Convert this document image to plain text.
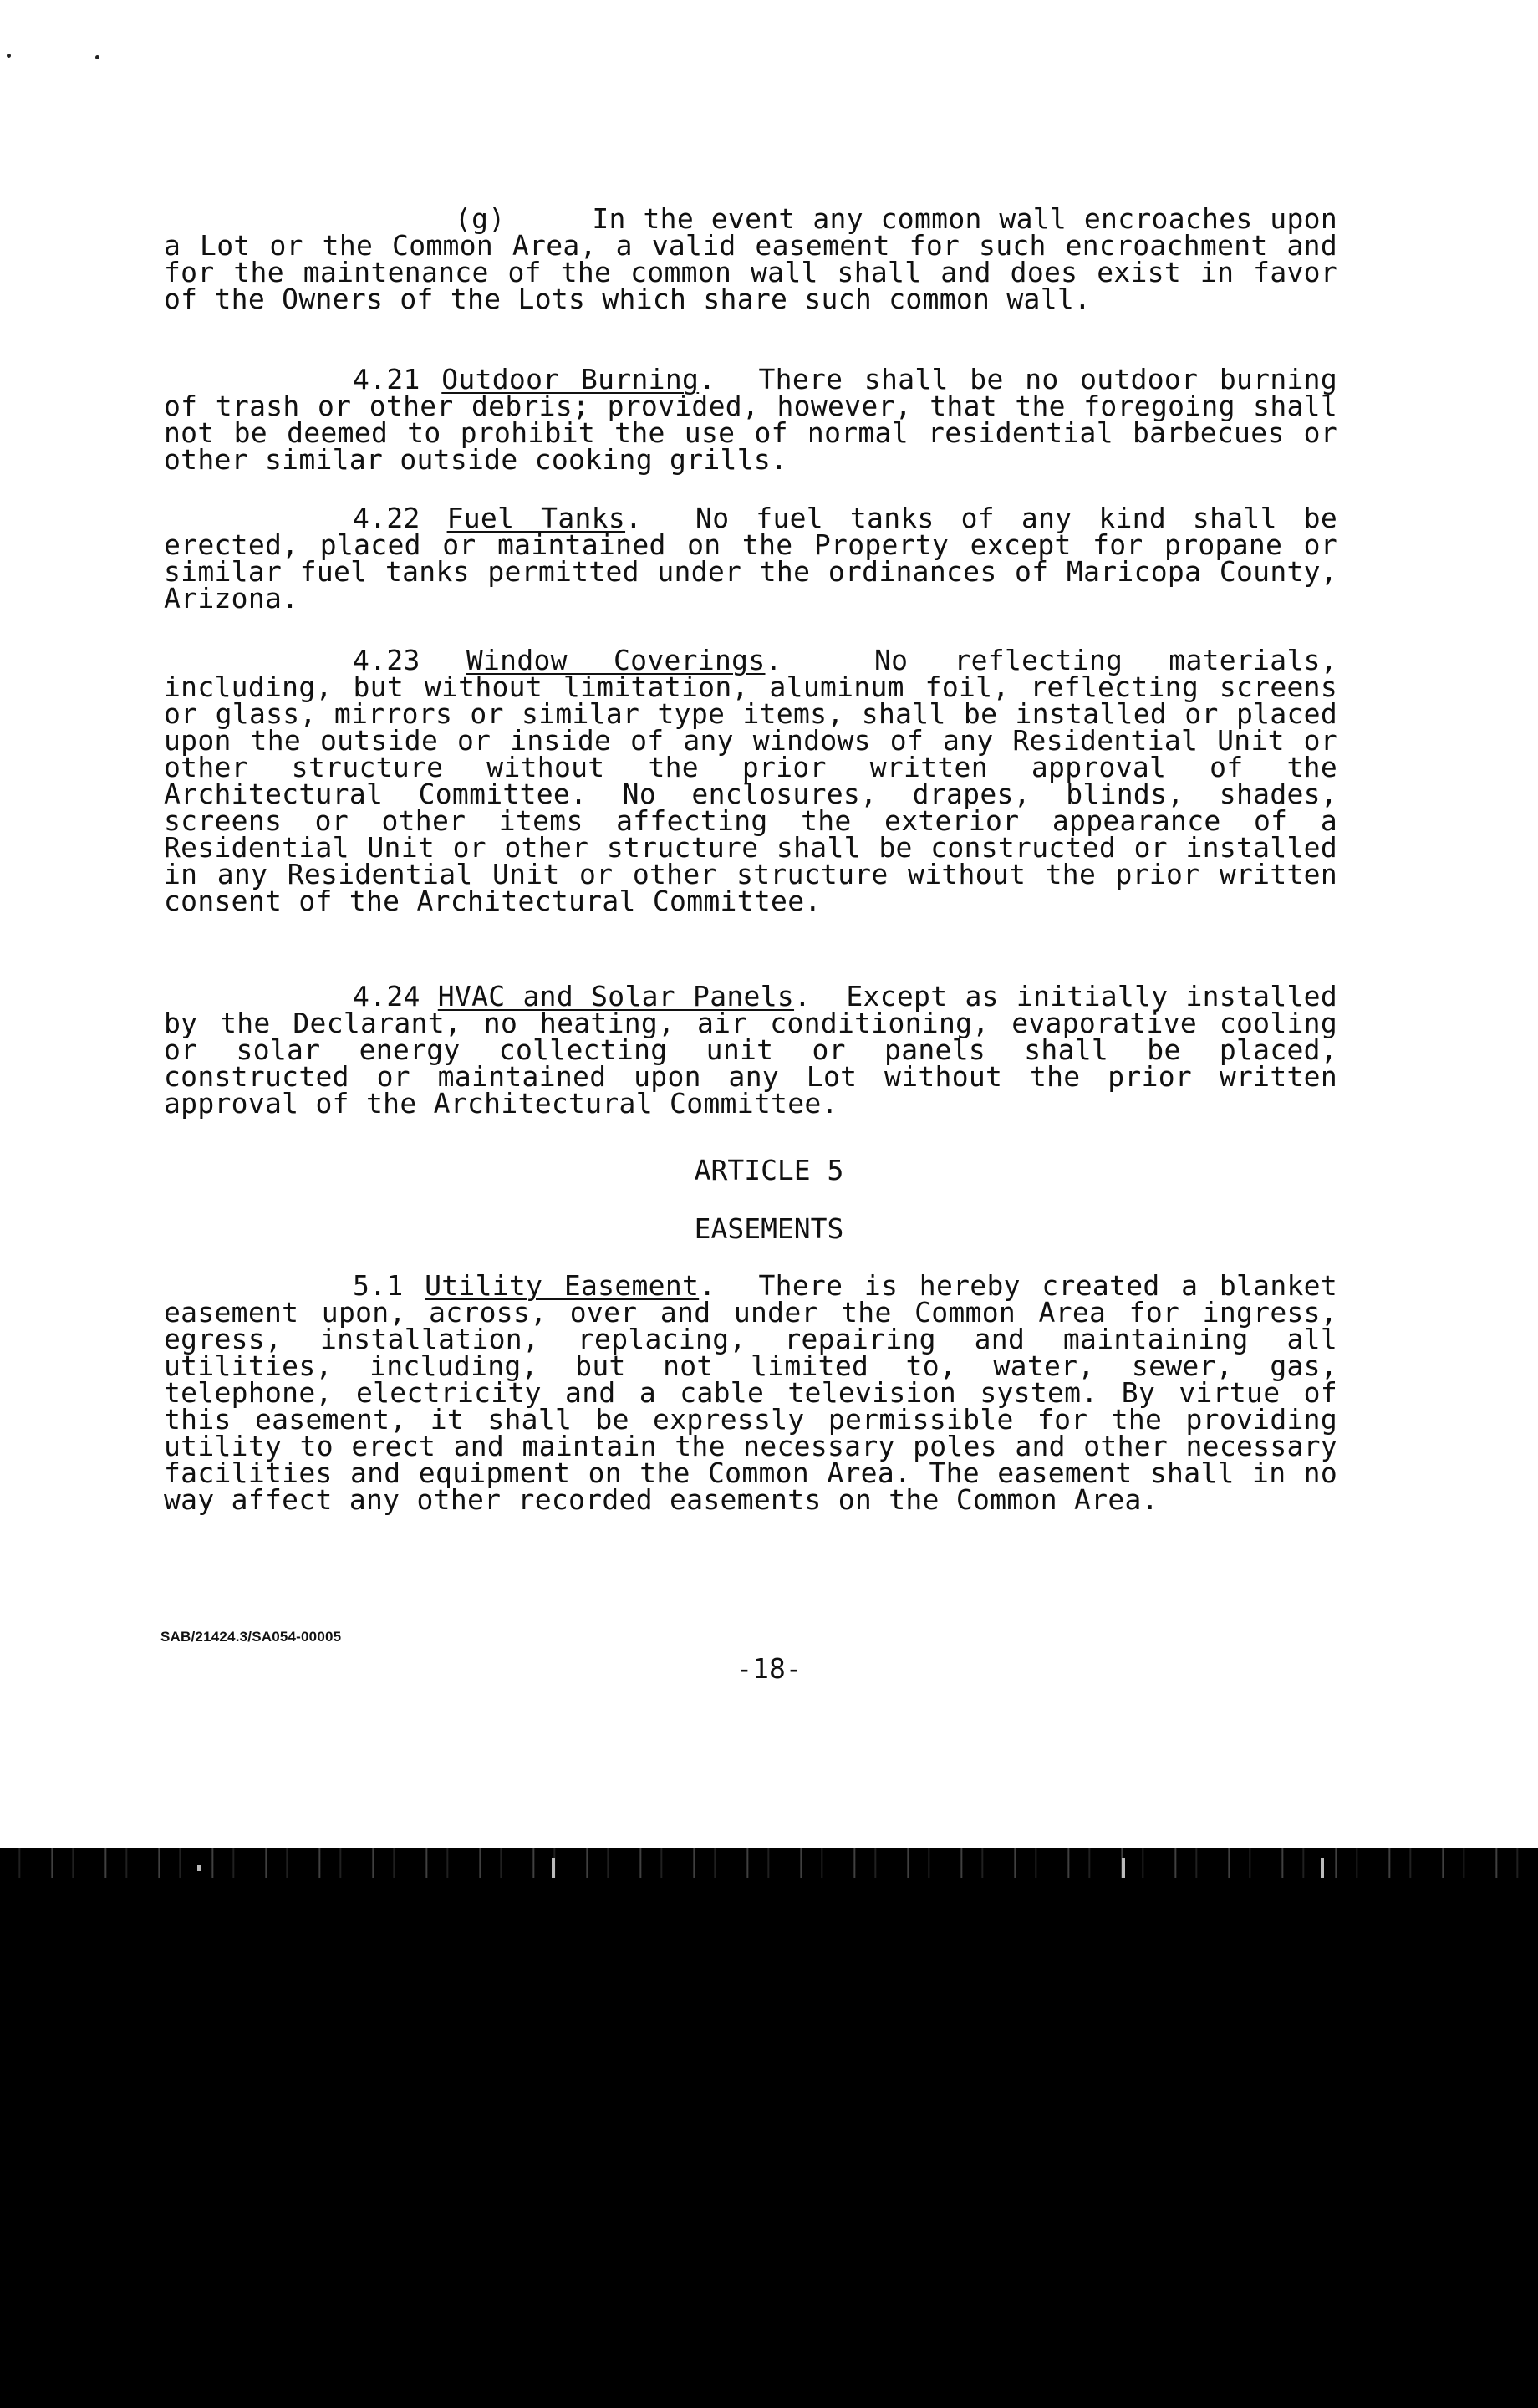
(g)	In the event any common wall encroaches upon a Lot or the Common Area, a valid easement for such encroachment and for the maintenance of the common wall shall and does exist in favor of the Owners of the Lots which share such common wall.

4.21 Outdoor Burning.  There shall be no outdoor burning of trash or other debris; provided, however, that the foregoing shall not be deemed to prohibit the use of normal residential barbecues or other similar outside cooking grills.

4.22 Fuel Tanks.  No fuel tanks of any kind shall be erected, placed or maintained on the Property except for propane or similar fuel tanks permitted under the ordinances of Maricopa County, Arizona.

4.23 Window Coverings.  No reflecting materials, including, but without limitation, aluminum foil, reflecting screens or glass, mirrors or similar type items, shall be installed or placed upon the outside or inside of any windows of any Residential Unit or other structure without the prior written approval of the Architectural Committee. No enclosures, drapes, blinds, shades, screens or other items affecting the exterior appearance of a Residential Unit or other structure shall be constructed or installed in any Residential Unit or other structure without the prior written consent of the Architectural Committee.

4.24 HVAC and Solar Panels.  Except as initially installed by the Declarant, no heating, air conditioning, evaporative cooling or solar energy collecting unit or panels shall be placed, constructed or maintained upon any Lot without the prior written approval of the Architectural Committee.

ARTICLE 5
EASEMENTS

5.1 Utility Easement.  There is hereby created a blanket easement upon, across, over and under the Common Area for ingress, egress, installation, replacing, repairing and maintaining all utilities, including, but not limited to, water, sewer, gas, telephone, electricity and a cable television system. By virtue of this easement, it shall be expressly permissible for the providing utility to erect and maintain the necessary poles and other necessary facilities and equipment on the Common Area. The easement shall in no way affect any other recorded easements on the Common Area.

SAB/21424.3/SA054-00005
-18-
